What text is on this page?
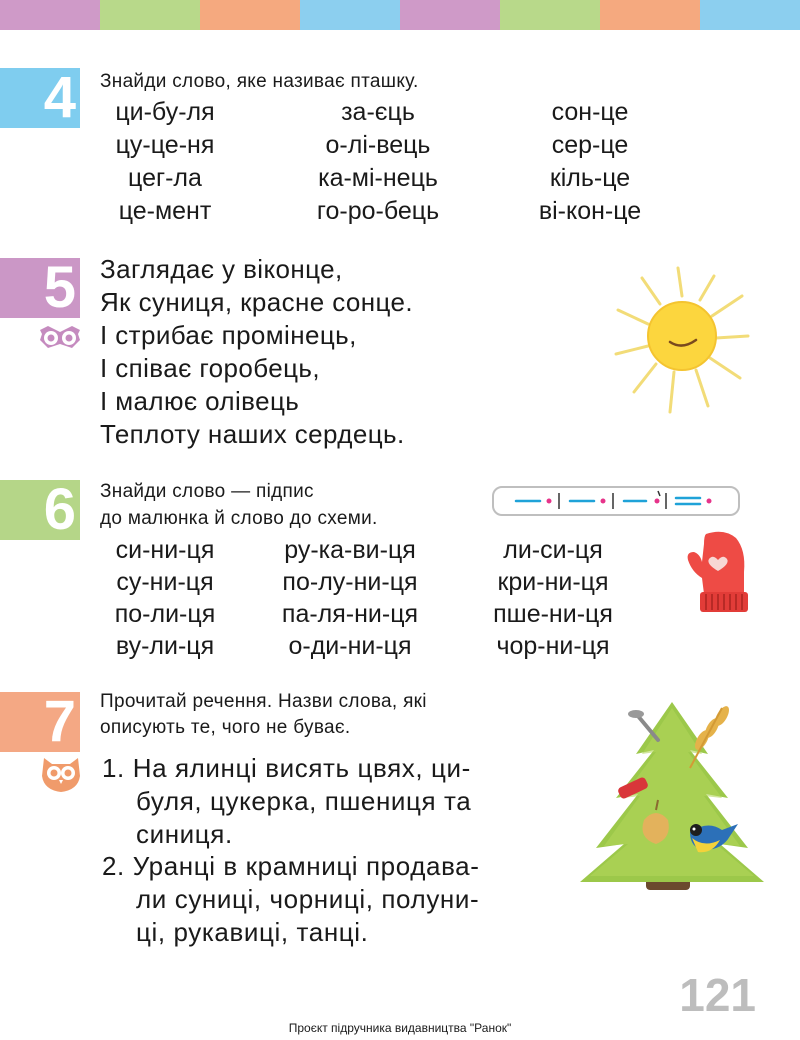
4 Знайди слово, яке називає пташку.
ци-бу-ля	за-єць	сон-це
цу-це-ня	о-лі-вець	сер-це
цег-ла	ка-мі-нець	кіль-це
це-мент	го-ро-бець	ві-кон-це
5 Заглядає у віконце,
Як суниця, красне сонце.
І стрибає промінець,
І співає горобець,
І малює олівець
Теплоту наших сердець.
6 Знайди слово — підпис
до малюнка й слово до схеми.
си-ни-ця	ру-ка-ви-ця	ли-си-ця
су-ни-ця	по-лу-ни-ця	кри-ни-ця
по-ли-ця	па-ля-ни-ця	пше-ни-ця
ву-ли-ця	о-ди-ни-ця	чор-ни-ця
7 Прочитай речення. Назви слова, які
описують те, чого не буває.
1. На ялинці висять цвях, ци-
буля, цукерка, пшениця та
синиця.
2. Уранці в крамниці продава-
ли суниці, чорниці, полуни-
ці, рукавиці, танці.
121
Проєкт підручника видавництва "Ранок"
